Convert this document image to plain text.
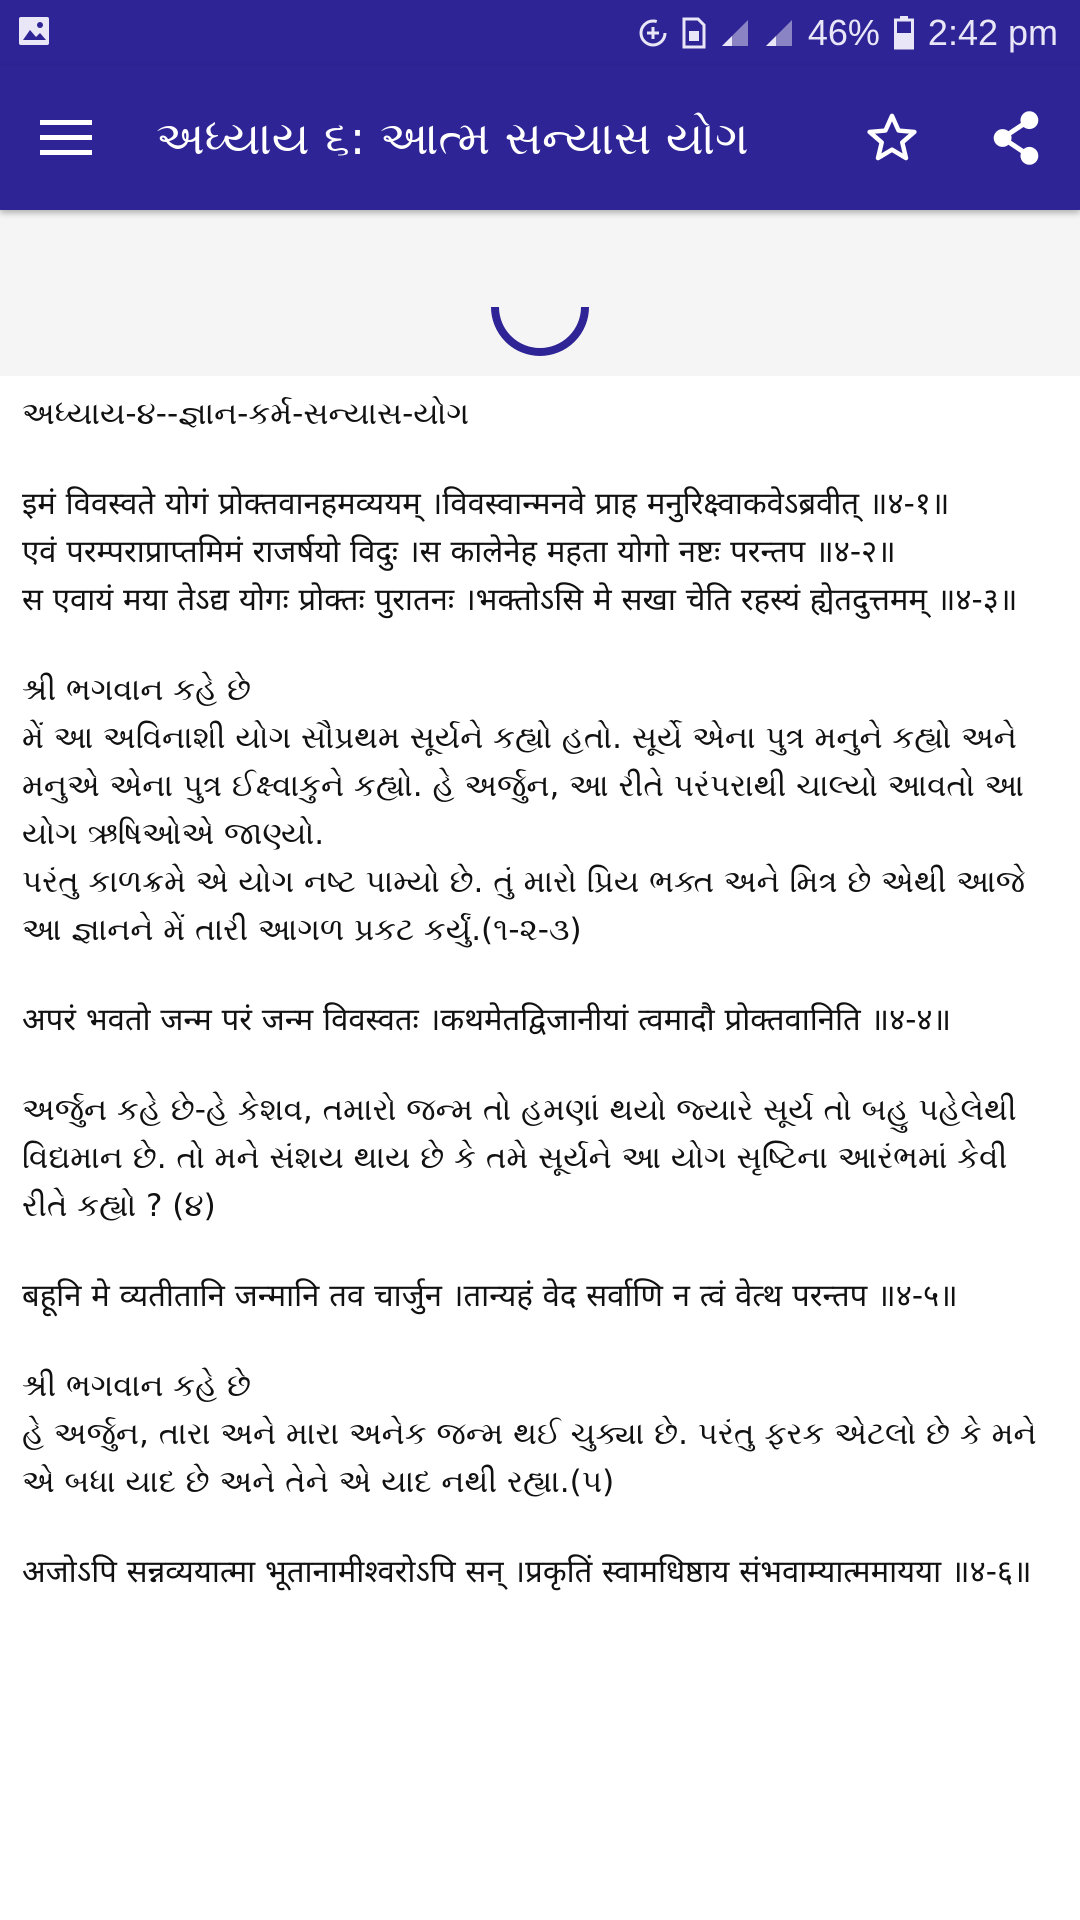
46% 2:42 pm
અધ્યાય ૬: આત્મ સન્યાસ યોગ

અધ્યાય-૪--જ્ઞાન-કર્મ-સન્યાસ-યોગ

इमं विवस्वते योगं प्रोक्तवानहमव्ययम् ।विवस्वान्मनवे प्राह मनुरिक्ष्वाकवेऽब्रवीत् ॥४-१॥
एवं परम्पराप्राप्तमिमं राजर्षयो विदुः ।स कालेनेह महता योगो नष्टः परन्तप ॥४-२॥
स एवायं मया तेऽद्य योगः प्रोक्तः पुरातनः ।भक्तोऽसि मे सखा चेति रहस्यं ह्येतदुत्तमम् ॥४-३॥

શ્રી ભગવાન કહે છે
મેં આ અવિનાશી યોગ સૌપ્રથમ સૂર્યને કહ્યો હતો. સૂર્યે એના પુત્ર મનુને કહ્યો અને મનુએ એના પુત્ર ઈક્ષ્વાકુને કહ્યો. હે અર્જુન, આ રીતે પરંપરાથી ચાલ્યો આવતો આ યોગ ઋષિઓએ જાણ્યો.
પરંતુ કાળક્રમે એ યોગ નષ્ટ પામ્યો છે. તું મારો પ્રિય ભક્ત અને મિત્ર છે એથી આજે આ જ્ઞાનને મેં તારી આગળ પ્રકટ કર્યું.(૧-૨-૩)

अपरं भवतो जन्म परं जन्म विवस्वतः ।कथमेतद्विजानीयां त्वमादौ प्रोक्तवानिति ॥४-४॥

અર્જુન કહે છે-હે કેશવ, તમારો જન્મ તો હમણાં થયો જ્યારે સૂર્ય તો બહુ પહેલેથી વિદ્યમાન છે. તો મને સંશય થાય છે કે તમે સૂર્યને આ યોગ સૃષ્ટિના આરંભમાં કેવી રીતે કહ્યો ? (૪)

बहूनि मे व्यतीतानि जन्मानि तव चार्जुन ।तान्यहं वेद सर्वाणि न त्वं वेत्थ परन्तप ॥४-५॥

શ્રી ભગવાન કહે છે
હે અર્જુન, તારા અને મારા અનેક જન્મ થઈ ચુક્યા છે. પરંતુ ફરક એટલો છે કે મને એ બધા યાદ છે અને તેને એ યાદ નથી રહ્યા.(૫)

अजोऽपि सन्नव्ययात्मा भूतानामीश्वरोऽपि सन् ।प्रकृतिं स्वामधिष्ठाय संभवाम्यात्ममायया ॥४-६॥
